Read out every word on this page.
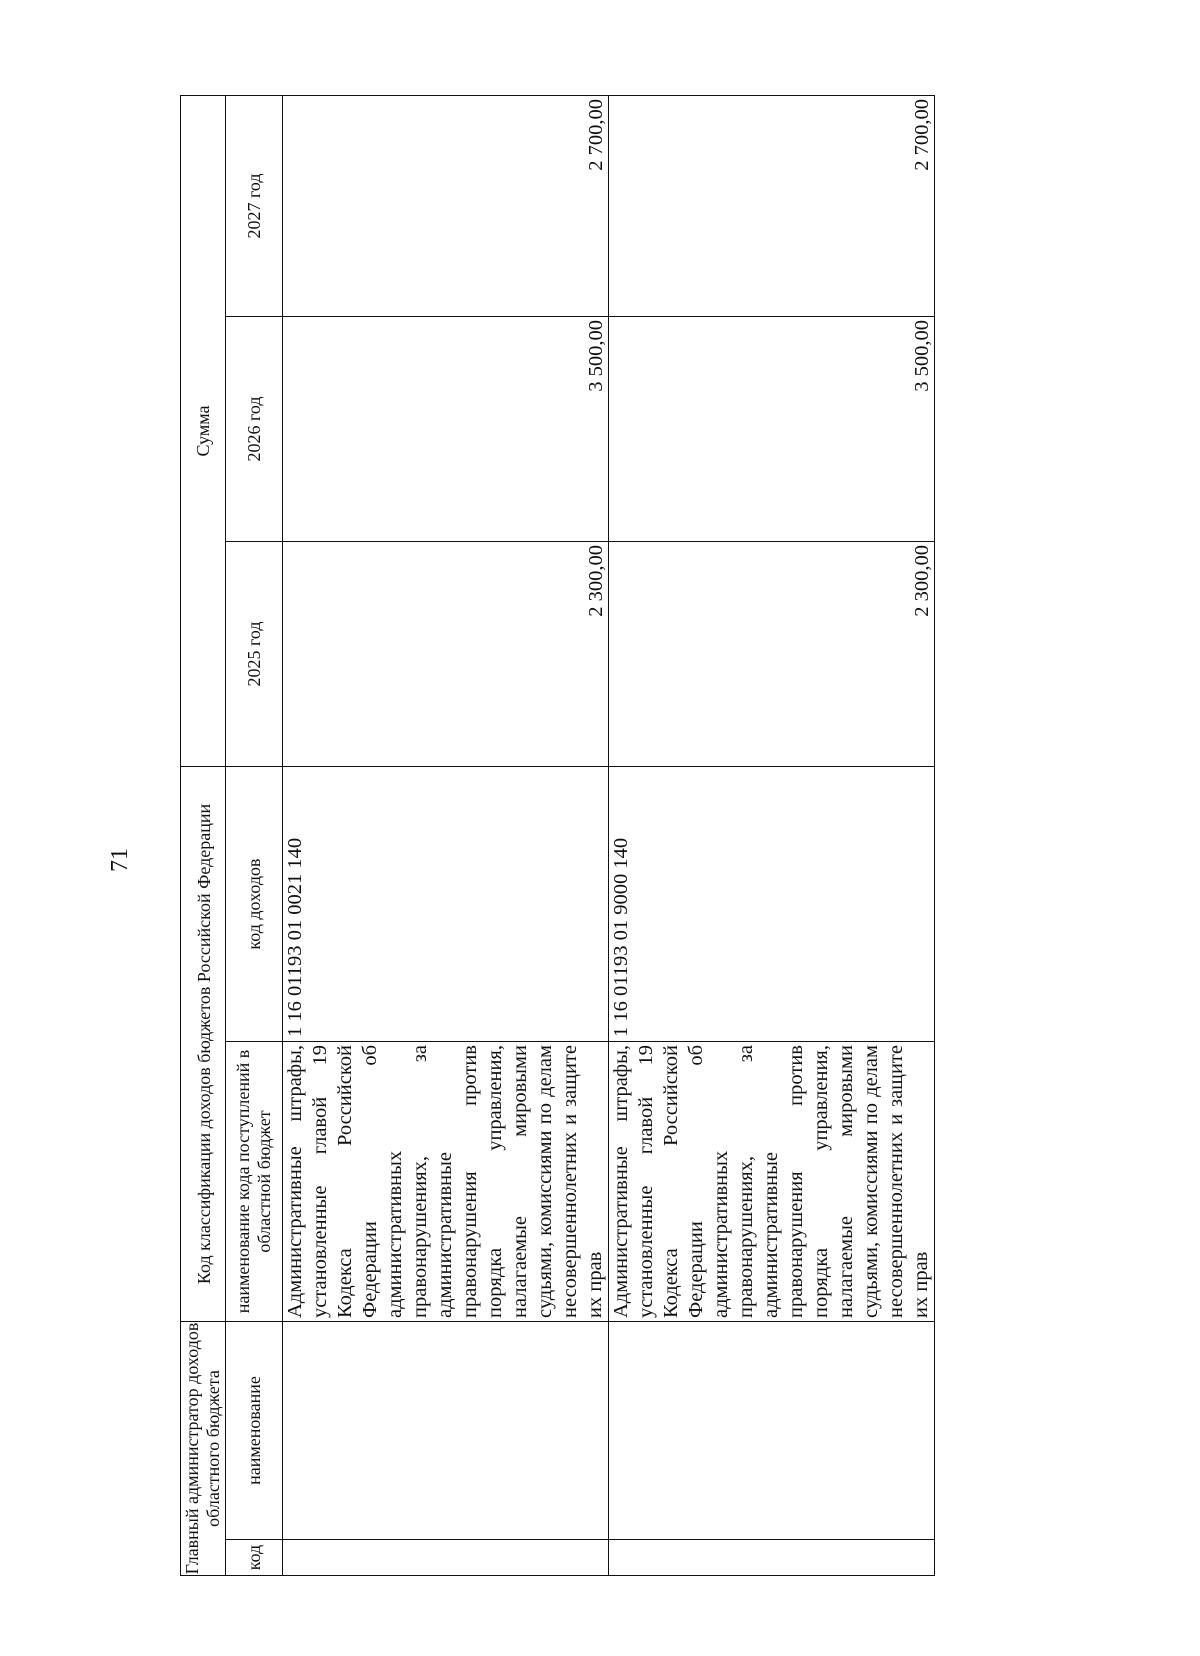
71
Главный администратор доходов областного бюджета		Код классификации доходов бюджетов Российской Федерации		Сумма		
код	наименование	наименование кода поступлений в областной бюджет	код доходов	2025 год	2026 год	2027 год

		Административные штрафы, установленные главой 19 Кодекса Российской Федерации об административных правонарушениях, за административные правонарушения против порядка управления, налагаемые мировыми судьями, комиссиями по делам несовершеннолетних и защите их прав	1 16 01193 01 0021 140	2 300,00	3 500,00	2 700,00

		Административные штрафы, установленные главой 19 Кодекса Российской Федерации об административных правонарушениях, за административные правонарушения против порядка управления, налагаемые мировыми судьями, комиссиями по делам несовершеннолетних и защите их прав	1 16 01193 01 9000 140	2 300,00	3 500,00	2 700,00
